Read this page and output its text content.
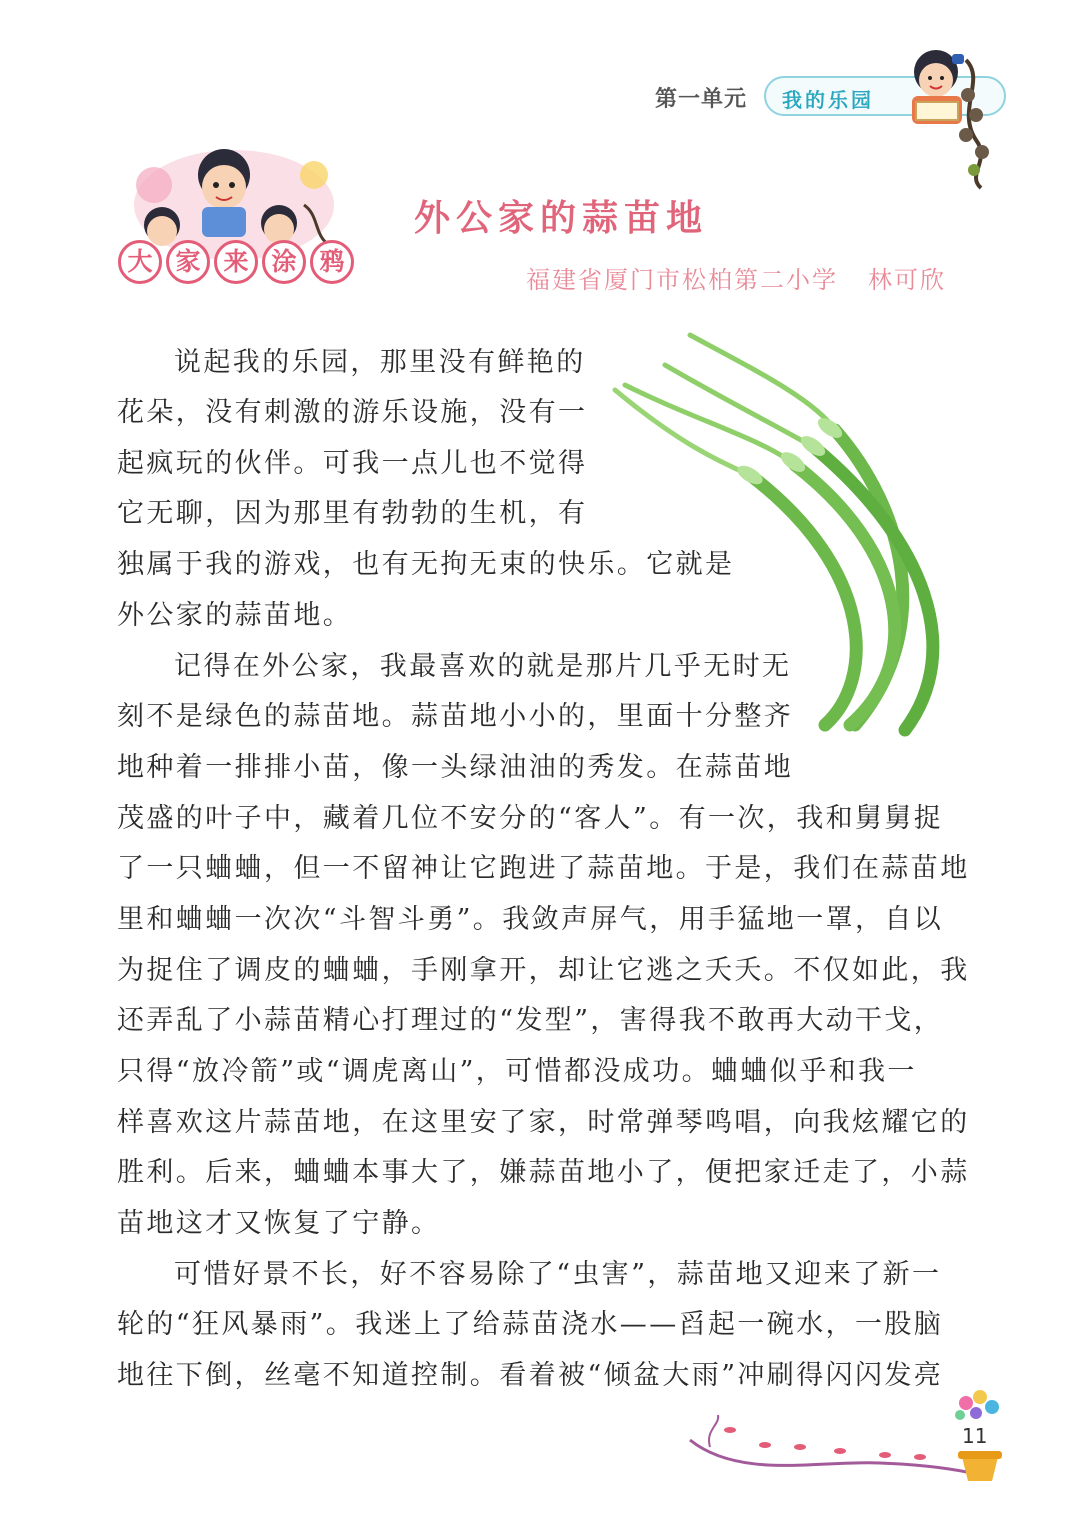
第一单元 我的乐园
大 家 来 涂 鸦
外公家的蒜苗地
福建省厦门市松柏第二小学 林可欣
说起我的乐园，那里没有鲜艳的
花朵，没有刺激的游乐设施，没有一
起疯玩的伙伴。可我一点儿也不觉得
它无聊，因为那里有勃勃的生机，有
独属于我的游戏，也有无拘无束的快乐。它就是
外公家的蒜苗地。
记得在外公家，我最喜欢的就是那片几乎无时无
刻不是绿色的蒜苗地。蒜苗地小小的，里面十分整齐
地种着一排排小苗，像一头绿油油的秀发。在蒜苗地
茂盛的叶子中，藏着几位不安分的“客人”。有一次，我和舅舅捉
了一只蛐蛐，但一不留神让它跑进了蒜苗地。于是，我们在蒜苗地
里和蛐蛐一次次“斗智斗勇”。我敛声屏气，用手猛地一罩，自以
为捉住了调皮的蛐蛐，手刚拿开，却让它逃之夭夭。不仅如此，我
还弄乱了小蒜苗精心打理过的“发型”，害得我不敢再大动干戈，
只得“放冷箭”或“调虎离山”，可惜都没成功。蛐蛐似乎和我一
样喜欢这片蒜苗地，在这里安了家，时常弹琴鸣唱，向我炫耀它的
胜利。后来，蛐蛐本事大了，嫌蒜苗地小了，便把家迁走了，小蒜
苗地这才又恢复了宁静。
可惜好景不长，好不容易除了“虫害”，蒜苗地又迎来了新一
轮的“狂风暴雨”。我迷上了给蒜苗浇水——舀起一碗水，一股脑
地往下倒，丝毫不知道控制。看着被“倾盆大雨”冲刷得闪闪发亮
11
